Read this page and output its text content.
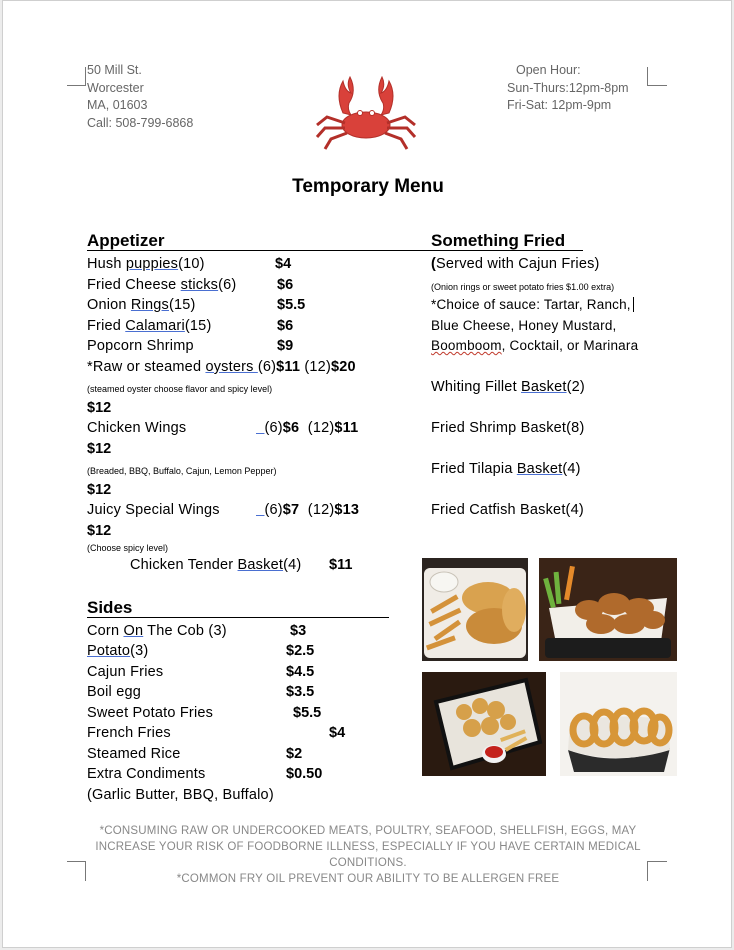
50 Mill St.
Worcester
MA, 01603
Call: 508-799-6868
Open Hour:
Sun-Thurs:12pm-8pm
Fri-Sat: 12pm-9pm
Temporary Menu
Appetizer
Hush puppies(10)	$4
Fried Cheese sticks(6)	$6
Onion Rings(15)	$5.5
Fried Calamari(15)	$6
Popcorn Shrimp	$9
*Raw or steamed oysters (6)$11 (12)$20
(steamed oyster choose flavor and spicy level)
$12
Chicken Wings	(6)$6 (12)$11
$12
(Breaded, BBQ, Buffalo, Cajun, Lemon Pepper)
$12
Juicy Special Wings	(6)$7 (12)$13
$12
(Choose spicy level)
Chicken Tender Basket(4) $11
Sides
Corn On The Cob (3)	$3
Potato(3)	$2.5
Cajun Fries	$4.5
Boil egg	$3.5
Sweet Potato Fries	$5.5
French Fries	$4
Steamed Rice	$2
Extra Condiments	$0.50
(Garlic Butter, BBQ, Buffalo)
Something Fried
(Served with Cajun Fries)
(Onion rings or sweet potato fries $1.00 extra)
*Choice of sauce: Tartar, Ranch,
Blue Cheese, Honey Mustard,
Boomboom, Cocktail, or Marinara
Whiting Fillet Basket(2)
Fried Shrimp Basket(8)
Fried Tilapia Basket(4)
Fried Catfish Basket(4)
*CONSUMING RAW OR UNDERCOOKED MEATS, POULTRY, SEAFOOD, SHELLFISH, EGGS, MAY INCREASE YOUR RISK OF FOODBORNE ILLNESS, ESPECIALLY IF YOU HAVE CERTAIN MEDICAL CONDITIONS.
*COMMON FRY OIL PREVENT OUR ABILITY TO BE ALLERGEN FREE
